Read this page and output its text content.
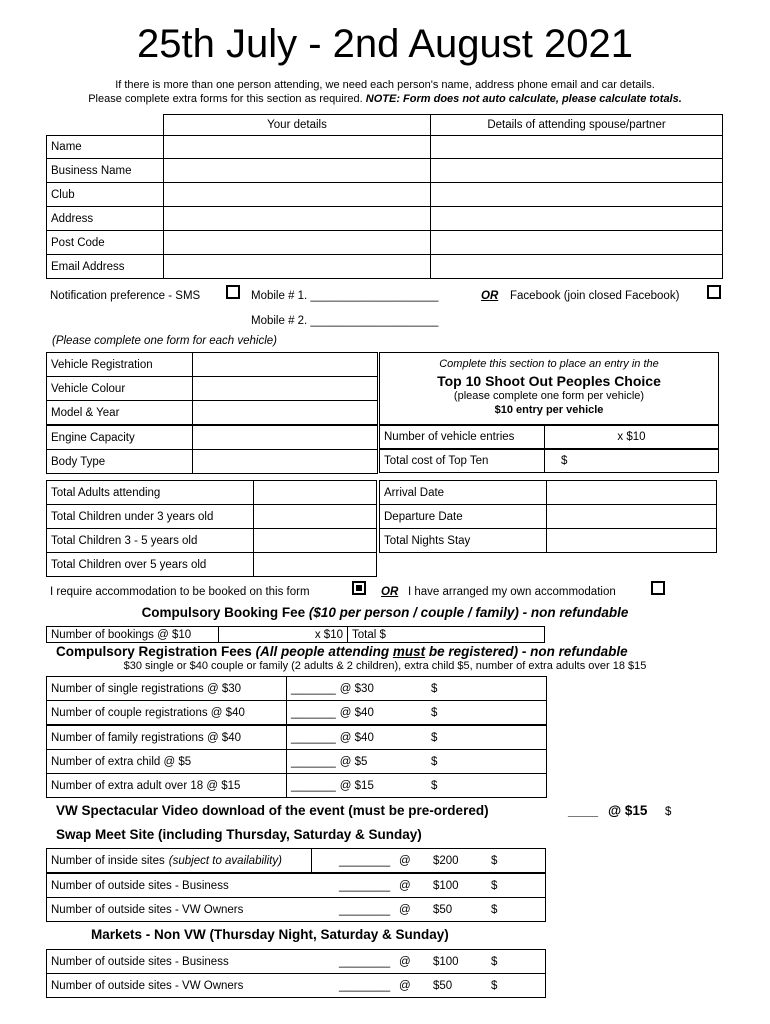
25th July - 2nd August 2021
If there is more than one person attending, we need each person's name, address phone email and car details.
Please complete extra forms for this section as required. NOTE: Form does not auto calculate, please calculate totals.
Your details	Details of attending spouse/partner
Name
Business Name
Club
Address
Post Code
Email Address
Notification preference - SMS	Mobile # 1. ____________________	OR Facebook (join closed Facebook)
Mobile # 2. ____________________
(Please complete one form for each vehicle)
Vehicle Registration
Vehicle Colour
Model & Year
Engine Capacity
Body Type
Complete this section to place an entry in the
Top 10 Shoot Out Peoples Choice
(please complete one form per vehicle)
$10 entry per vehicle
Number of vehicle entries	x $10
Total cost of Top Ten	$
Total Adults attending
Total Children under 3 years old
Total Children 3 - 5 years old
Total Children over 5 years old
Arrival Date
Departure Date
Total Nights Stay
I require accommodation to be booked on this form	OR I have arranged my own accommodation
Compulsory Booking Fee ($10 per person / couple / family) - non refundable
Number of bookings @ $10	x $10 Total $
Compulsory Registration Fees (All people attending must be registered) - non refundable
$30 single or $40 couple or family (2 adults & 2 children), extra child $5, number of extra adults over 18 $15
Number of single registrations @ $30	_______ @ $30	$
Number of couple registrations @ $40	_______ @ $40	$
Number of family registrations @ $40	_______ @ $40	$
Number of extra child @ $5	_______ @ $5	$
Number of extra adult over 18 @ $15	_______ @ $15	$
VW Spectacular Video download of the event (must be pre-ordered)	____ @ $15 $
Swap Meet Site (including Thursday, Saturday & Sunday)
Number of inside sites (subject to availability)	________ @ $200	$
Number of outside sites - Business	________ @ $100	$
Number of outside sites - VW Owners	________ @ $50	$
Markets - Non VW (Thursday Night, Saturday & Sunday)
Number of outside sites - Business	________ @ $100	$
Number of outside sites - VW Owners	________ @ $50	$
